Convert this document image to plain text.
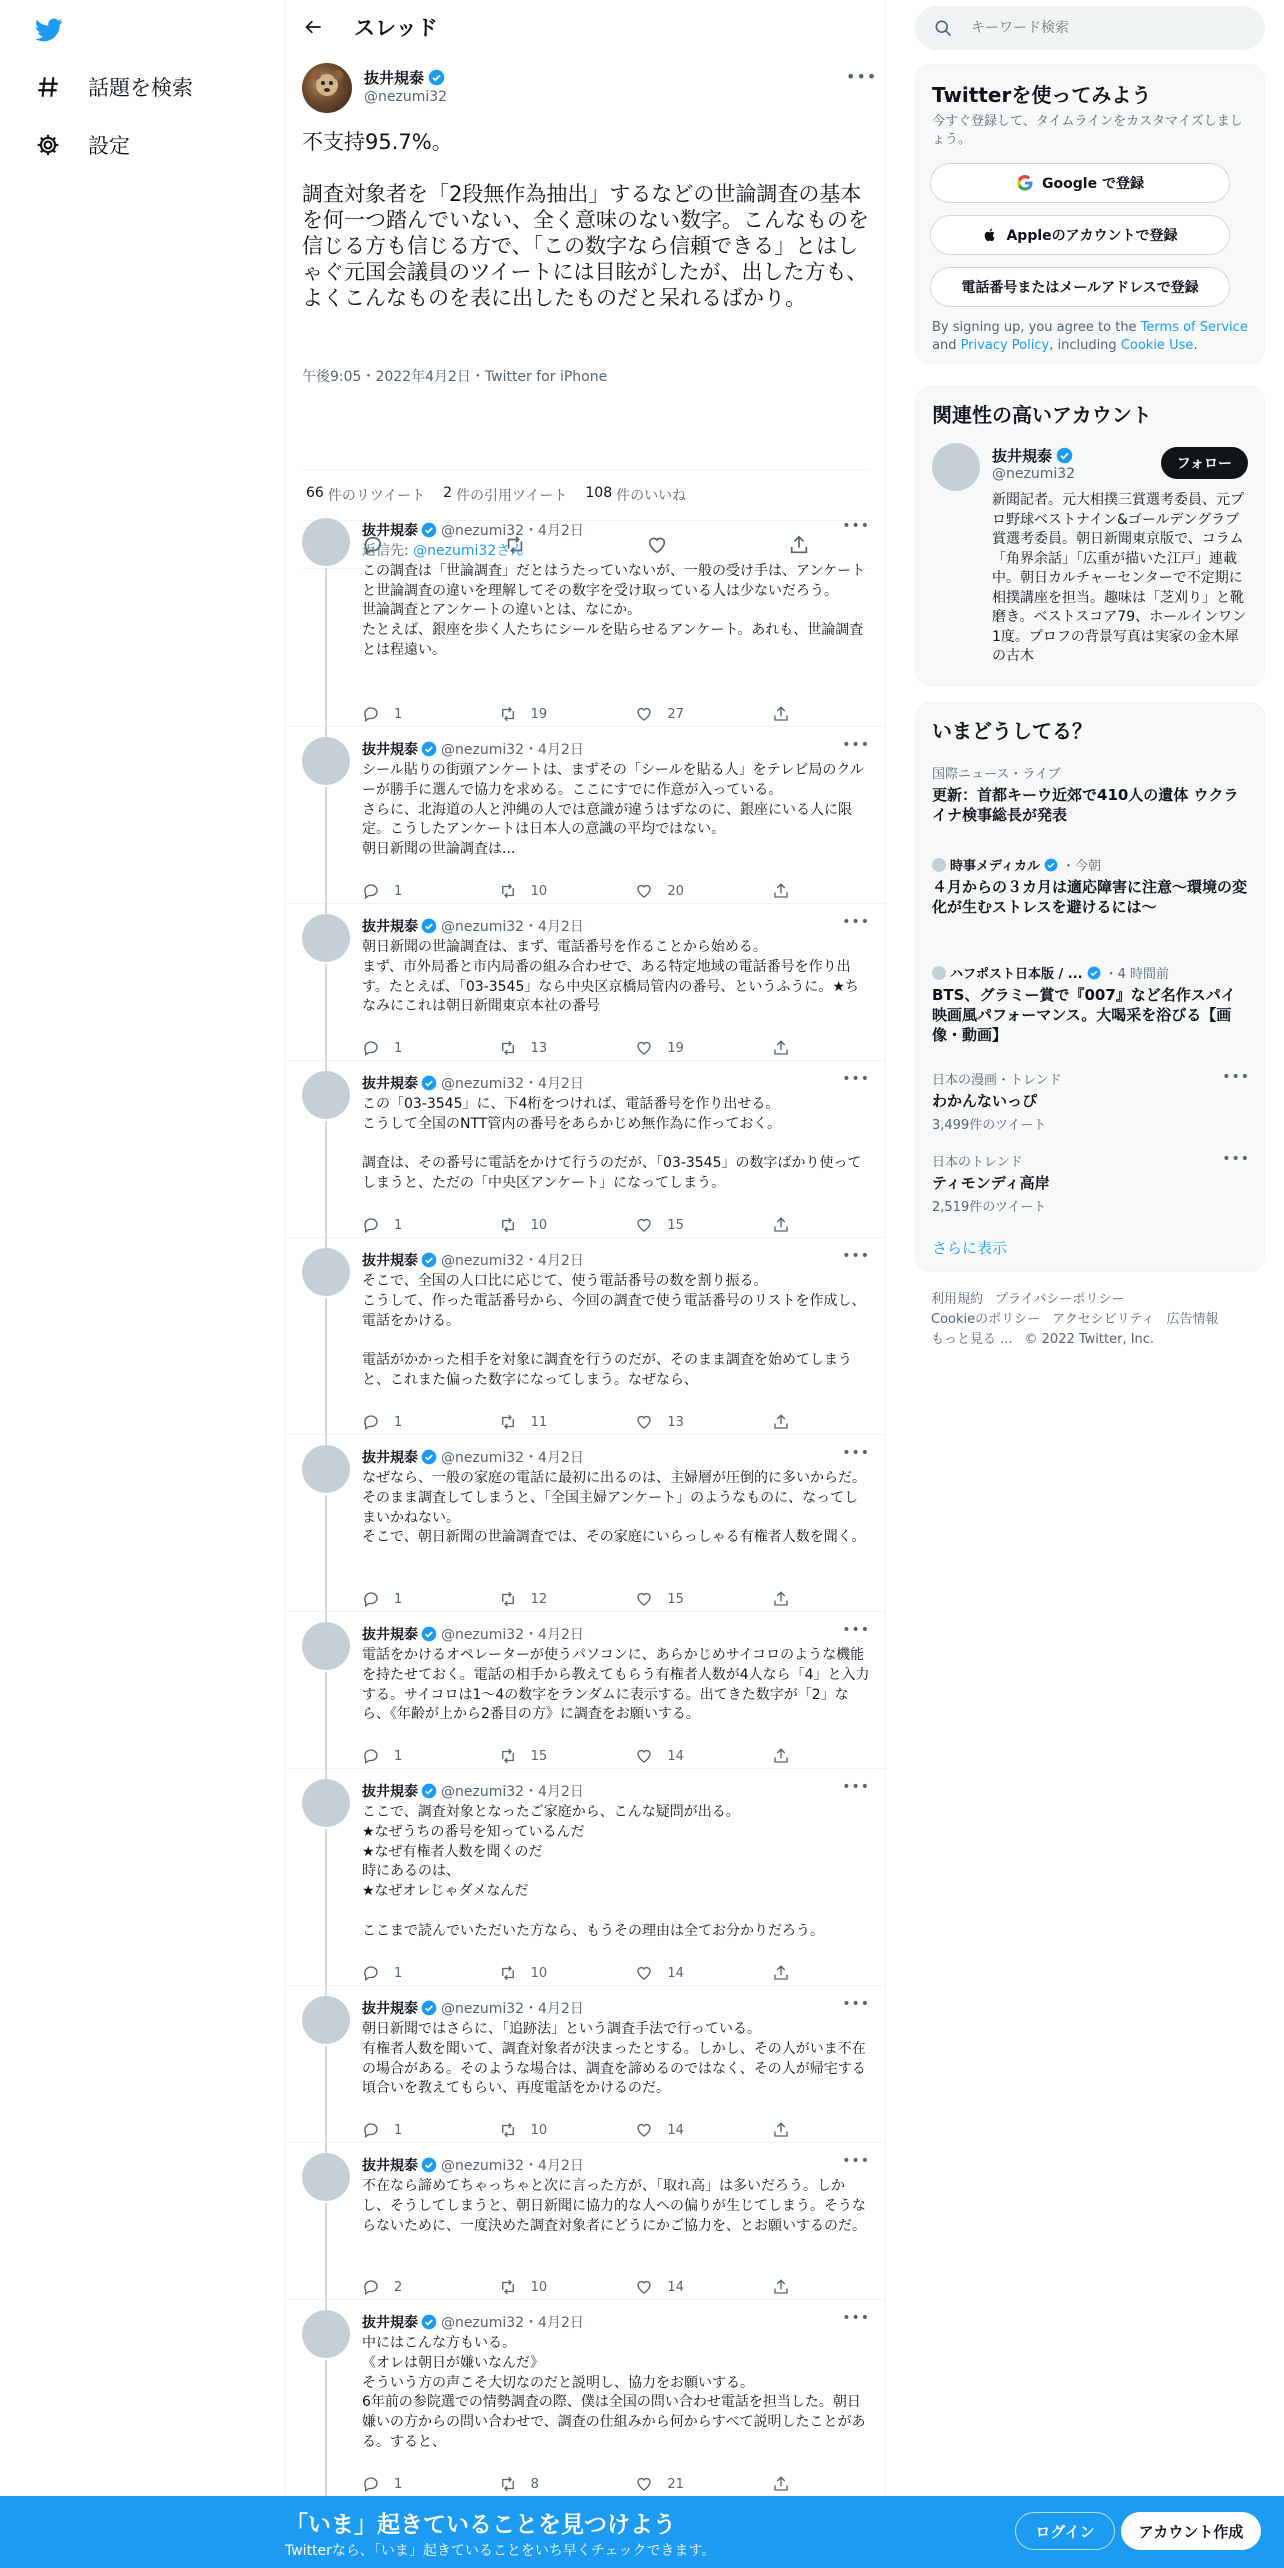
話題を検索
設定
スレッド
抜井規泰
@nezumi32
•••
不支持95.7%。

調査対象者を「2段無作為抽出」するなどの世論調査の基本を何一つ踏んでいない、全く意味のない数字。こんなものを信じる方も信じる方で、「この数字なら信頼できる」とはしゃぐ元国会議員のツイートには目眩がしたが、出した方も、よくこんなものを表に出したものだと呆れるばかり。
午後9:05・2022年4月2日・Twitter for iPhone
66 件のリツイート 2 件の引用ツイート 108 件のいいね
抜井規泰 @nezumi32・4月2日	•••
返信先: @nezumi32さん
この調査は「世論調査」だとはうたっていないが、一般の受け手は、アンケートと世論調査の違いを理解してその数字を受け取っている人は少ないだろう。
世論調査とアンケートの違いとは、なにか。
たとえば、銀座を歩く人たちにシールを貼らせるアンケート。あれも、世論調査とは程遠い。
1	19	27
抜井規泰 @nezumi32・4月2日	•••
シール貼りの街頭アンケートは、まずその「シールを貼る人」をテレビ局のクルーが勝手に選んで協力を求める。ここにすでに作意が入っている。
さらに、北海道の人と沖縄の人では意識が違うはずなのに、銀座にいる人に限定。こうしたアンケートは日本人の意識の平均ではない。
朝日新聞の世論調査は...
1	10	20
抜井規泰 @nezumi32・4月2日	•••
朝日新聞の世論調査は、まず、電話番号を作ることから始める。
まず、市外局番と市内局番の組み合わせで、ある特定地域の電話番号を作り出す。たとえば、「03-3545」なら中央区京橋局管内の番号、というふうに。★ちなみにこれは朝日新聞東京本社の番号
1	13	19
抜井規泰 @nezumi32・4月2日	•••
この「03-3545」に、下4桁をつければ、電話番号を作り出せる。
こうして全国のNTT管内の番号をあらかじめ無作為に作っておく。

調査は、その番号に電話をかけて行うのだが、「03-3545」の数字ばかり使ってしまうと、ただの「中央区アンケート」になってしまう。
1	10	15
抜井規泰 @nezumi32・4月2日	•••
そこで、全国の人口比に応じて、使う電話番号の数を割り振る。
こうして、作った電話番号から、今回の調査で使う電話番号のリストを作成し、電話をかける。

電話がかかった相手を対象に調査を行うのだが、そのまま調査を始めてしまうと、これまた偏った数字になってしまう。なぜなら、
1	11	13
抜井規泰 @nezumi32・4月2日	•••
なぜなら、一般の家庭の電話に最初に出るのは、主婦層が圧倒的に多いからだ。そのまま調査してしまうと、「全国主婦アンケート」のようなものに、なってしまいかねない。
そこで、朝日新聞の世論調査では、その家庭にいらっしゃる有権者人数を聞く。
1	12	15
抜井規泰 @nezumi32・4月2日	•••
電話をかけるオペレーターが使うパソコンに、あらかじめサイコロのような機能を持たせておく。電話の相手から教えてもらう有権者人数が4人なら「4」と入力する。サイコロは1〜4の数字をランダムに表示する。出てきた数字が「2」なら、《年齢が上から2番目の方》に調査をお願いする。
1	15	14
抜井規泰 @nezumi32・4月2日	•••
ここで、調査対象となったご家庭から、こんな疑問が出る。
★なぜうちの番号を知っているんだ
★なぜ有権者人数を聞くのだ
時にあるのは、
★なぜオレじゃダメなんだ

ここまで読んでいただいた方なら、もうその理由は全てお分かりだろう。
1	10	14
抜井規泰 @nezumi32・4月2日	•••
朝日新聞ではさらに、「追跡法」という調査手法で行っている。
有権者人数を聞いて、調査対象者が決まったとする。しかし、その人がいま不在の場合がある。そのような場合は、調査を諦めるのではなく、その人が帰宅する頃合いを教えてもらい、再度電話をかけるのだ。
1	10	14
抜井規泰 @nezumi32・4月2日	•••
不在なら諦めてちゃっちゃと次に言った方が、「取れ高」は多いだろう。しかし、そうしてしまうと、朝日新聞に協力的な人への偏りが生じてしまう。そうならないために、一度決めた調査対象者にどうにかご協力を、とお願いするのだ。
2	10	14
抜井規泰 @nezumi32・4月2日	•••
中にはこんな方もいる。
《オレは朝日が嫌いなんだ》
そういう方の声こそ大切なのだと説明し、協力をお願いする。
6年前の参院選での情勢調査の際、僕は全国の問い合わせ電話を担当した。朝日嫌いの方からの問い合わせで、調査の仕組みから何からすべて説明したことがある。すると、
1	8	21
キーワード検索
Twitterを使ってみよう
今すぐ登録して、タイムラインをカスタマイズしましょう。
Google で登録
Appleのアカウントで登録
電話番号またはメールアドレスで登録
By signing up, you agree to the Terms of Service and Privacy Policy, including Cookie Use.
関連性の高いアカウント
抜井規泰
@nezumi32
フォロー
新聞記者。元大相撲三賞選考委員、元プロ野球ベストナイン&ゴールデングラブ賞選考委員。朝日新聞東京版で、コラム「角界余話」「広重が描いた江戸」連載中。朝日カルチャーセンターで不定期に相撲講座を担当。趣味は「芝刈り」と靴磨き。ベストスコア79、ホールインワン1度。プロフの背景写真は実家の金木犀の古木
いまどうしてる？
国際ニュース・ライブ
更新：首都キーウ近郊で410人の遺体 ウクライナ検事総長が発表
時事メディカル ・今朝
４月からの３カ月は適応障害に注意～環境の変化が生むストレスを避けるには～
ハフポスト日本版 / ... ・4 時間前
BTS、グラミー賞で『007』など名作スパイ映画風パフォーマンス。大喝采を浴びる【画像・動画】
日本の漫画・トレンド
わかんないっぴ
3,499件のツイート
•••
日本のトレンド
ティモンディ高岸
2,519件のツイート
•••
さらに表示
利用規約 プライバシーポリシー
Cookieのポリシー アクセシビリティ 広告情報
もっと見る ... © 2022 Twitter, Inc.
「いま」起きていることを見つけよう
Twitterなら、「いま」起きていることをいち早くチェックできます。
ログイン	アカウント作成
